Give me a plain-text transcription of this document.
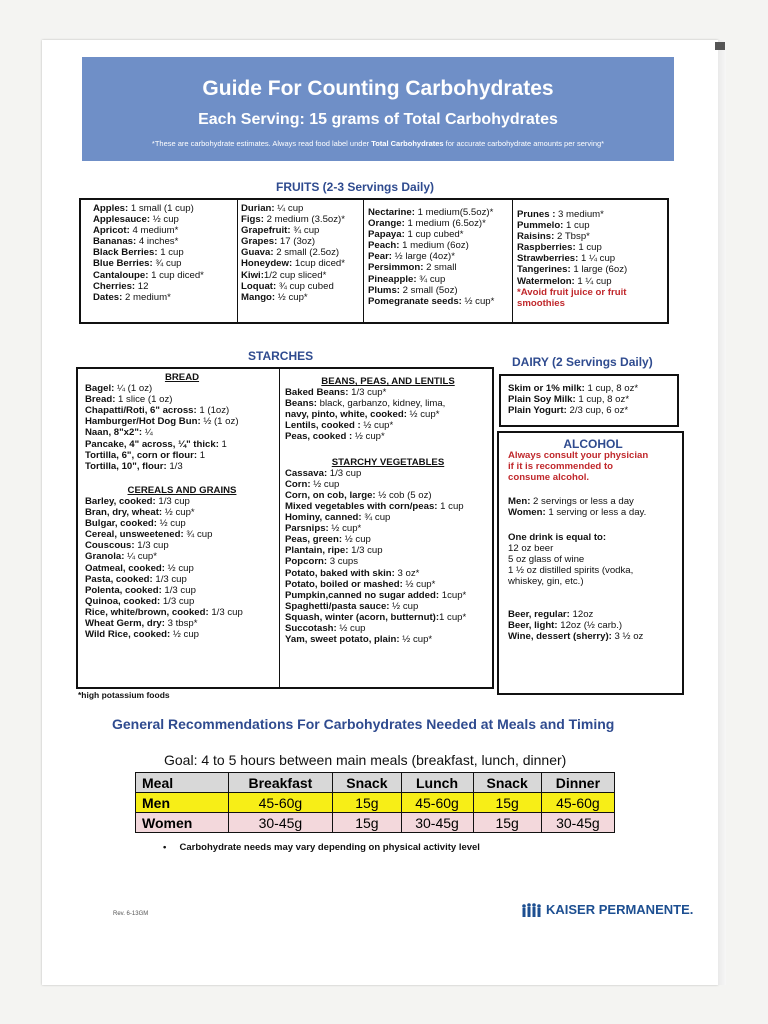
Guide For Counting Carbohydrates
Each Serving: 15 grams of Total Carbohydrates
*These are carbohydrate estimates. Always read food label under Total Carbohydrates for accurate carbohydrate amounts per serving*
FRUITS (2-3 Servings Daily)
Apples: 1 small (1 cup)
Applesauce: ½ cup
Apricot: 4 medium*
Bananas: 4 inches*
Black Berries: 1 cup
Blue Berries: ¾ cup
Cantaloupe: 1 cup diced*
Cherries: 12
Dates: 2 medium*
Durian: ¼ cup
Figs: 2 medium (3.5oz)*
Grapefruit: ¾ cup
Grapes: 17 (3oz)
Guava: 2 small (2.5oz)
Honeydew: 1cup diced*
Kiwi:1/2 cup sliced*
Loquat: ¾ cup cubed
Mango: ½ cup*
Nectarine: 1 medium(5.5oz)*
Orange: 1 medium (6.5oz)*
Papaya: 1 cup cubed*
Peach: 1 medium (6oz)
Pear: ½ large (4oz)*
Persimmon: 2 small
Pineapple: ¾ cup
Plums: 2 small (5oz)
Pomegranate seeds: ½ cup*
Prunes : 3 medium*
Pummelo: 1 cup
Raisins: 2 Tbsp*
Raspberries: 1 cup
Strawberries: 1 ¼ cup
Tangerines: 1 large (6oz)
Watermelon: 1 ¼ cup
*Avoid fruit juice or fruit
smoothies
STARCHES
BREAD
Bagel: ¼ (1 oz)
Bread: 1 slice (1 oz)
Chapatti/Roti, 6" across: 1 (1oz)
Hamburger/Hot Dog Bun: ½ (1 oz)
Naan, 8"x2": ¼
Pancake, 4" across, ¼" thick: 1
Tortilla, 6", corn or flour: 1
Tortilla, 10", flour: 1/3
CEREALS AND GRAINS
Barley, cooked: 1/3 cup
Bran, dry, wheat: ½ cup*
Bulgar, cooked: ½ cup
Cereal, unsweetened: ¾ cup
Couscous: 1/3 cup
Granola: ¼ cup*
Oatmeal, cooked: ½ cup
Pasta, cooked: 1/3 cup
Polenta, cooked: 1/3 cup
Quinoa, cooked: 1/3 cup
Rice, white/brown, cooked: 1/3 cup
Wheat Germ, dry: 3 tbsp*
Wild Rice, cooked: ½ cup
BEANS, PEAS, AND LENTILS
Baked Beans: 1/3 cup*
Beans: black, garbanzo, kidney, lima,
navy, pinto, white, cooked: ½ cup*
Lentils, cooked : ½ cup*
Peas, cooked : ½ cup*
STARCHY VEGETABLES
Cassava: 1/3 cup
Corn: ½ cup
Corn, on cob, large: ½ cob (5 oz)
Mixed vegetables with corn/peas: 1 cup
Hominy, canned: ¾ cup
Parsnips: ½ cup*
Peas, green: ½ cup
Plantain, ripe: 1/3 cup
Popcorn: 3 cups
Potato, baked with skin: 3 oz*
Potato, boiled or mashed: ½ cup*
Pumpkin,canned no sugar added: 1cup*
Spaghetti/pasta sauce: ½ cup
Squash, winter (acorn, butternut):1 cup*
Succotash: ½ cup
Yam, sweet potato, plain: ½ cup*
DAIRY (2 Servings Daily)
Skim or 1% milk: 1 cup, 8 oz*
Plain Soy Milk: 1 cup, 8 oz*
Plain Yogurt: 2/3 cup, 6 oz*
ALCOHOL
Always consult your physician
if it is recommended to
consume alcohol.
Men: 2 servings or less a day
Women: 1 serving or less a day.
One drink is equal to:
12 oz beer
5 oz glass of wine
1 ½ oz distilled spirits (vodka,
whiskey, gin, etc.)
Beer, regular: 12oz
Beer, light: 12oz (½ carb.)
Wine, dessert (sherry): 3 ½ oz
*high potassium foods
General Recommendations For Carbohydrates Needed at Meals and Timing
Goal: 4 to 5 hours between main meals (breakfast, lunch, dinner)
Meal	Breakfast	Snack	Lunch	Snack	Dinner
Men	45-60g	15g	45-60g	15g	45-60g
Women	30-45g	15g	30-45g	15g	30-45g
•     Carbohydrate needs may vary depending on physical activity level
Rev. 6-13GM	KAISER PERMANENTE.
